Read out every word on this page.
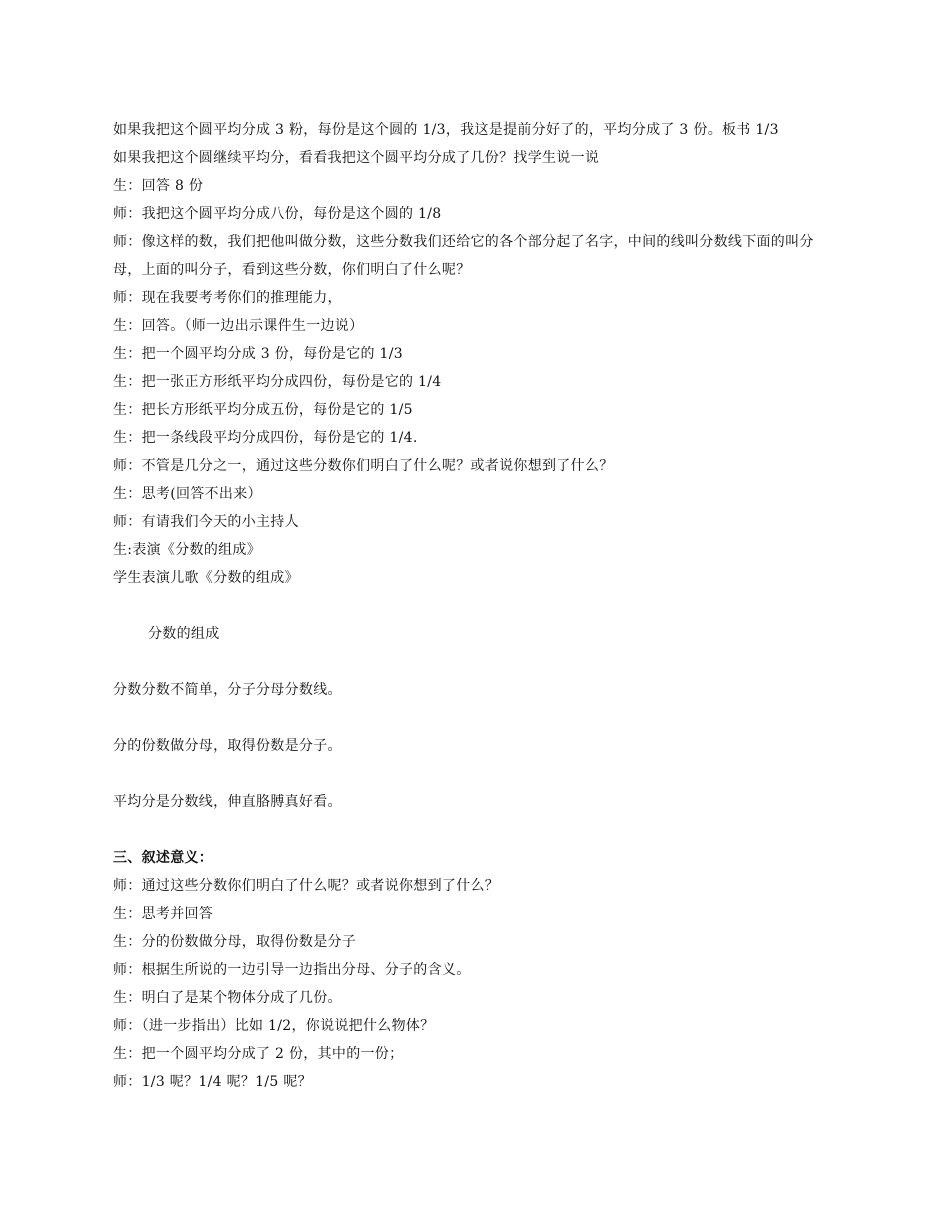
如果我把这个圆平均分成 3 粉，每份是这个圆的 1/3，我这是提前分好了的，平均分成了 3 份。板书 1/3

如果我把这个圆继续平均分，看看我把这个圆平均分成了几份？找学生说一说

生：回答 8 份

师：我把这个圆平均分成八份，每份是这个圆的 1/8

师：像这样的数，我们把他叫做分数，这些分数我们还给它的各个部分起了名字，中间的线叫分数线下面的叫分母，上面的叫分子，看到这些分数，你们明白了什么呢？

师：现在我要考考你们的推理能力，

生：回答。（师一边出示课件生一边说）

生：把一个圆平均分成 3 份，每份是它的 1/3

生：把一张正方形纸平均分成四份，每份是它的 1/4

生：把长方形纸平均分成五份，每份是它的 1/5

生：把一条线段平均分成四份，每份是它的 1/4.

师：不管是几分之一，通过这些分数你们明白了什么呢？或者说你想到了什么？

生：思考(回答不出来）

师：有请我们今天的小主持人

生:表演《分数的组成》

学生表演儿歌《分数的组成》

分数的组成

分数分数不简单，分子分母分数线。

分的份数做分母，取得份数是分子。

平均分是分数线，伸直胳膊真好看。

三、叙述意义：

师：通过这些分数你们明白了什么呢？或者说你想到了什么？

生：思考并回答

生：分的份数做分母，取得份数是分子

师：根据生所说的一边引导一边指出分母、分子的含义。

生：明白了是某个物体分成了几份。

师：（进一步指出）比如 1/2，你说说把什么物体？

生：把一个圆平均分成了 2 份，其中的一份；

师：1/3 呢？1/4 呢？1/5 呢？
